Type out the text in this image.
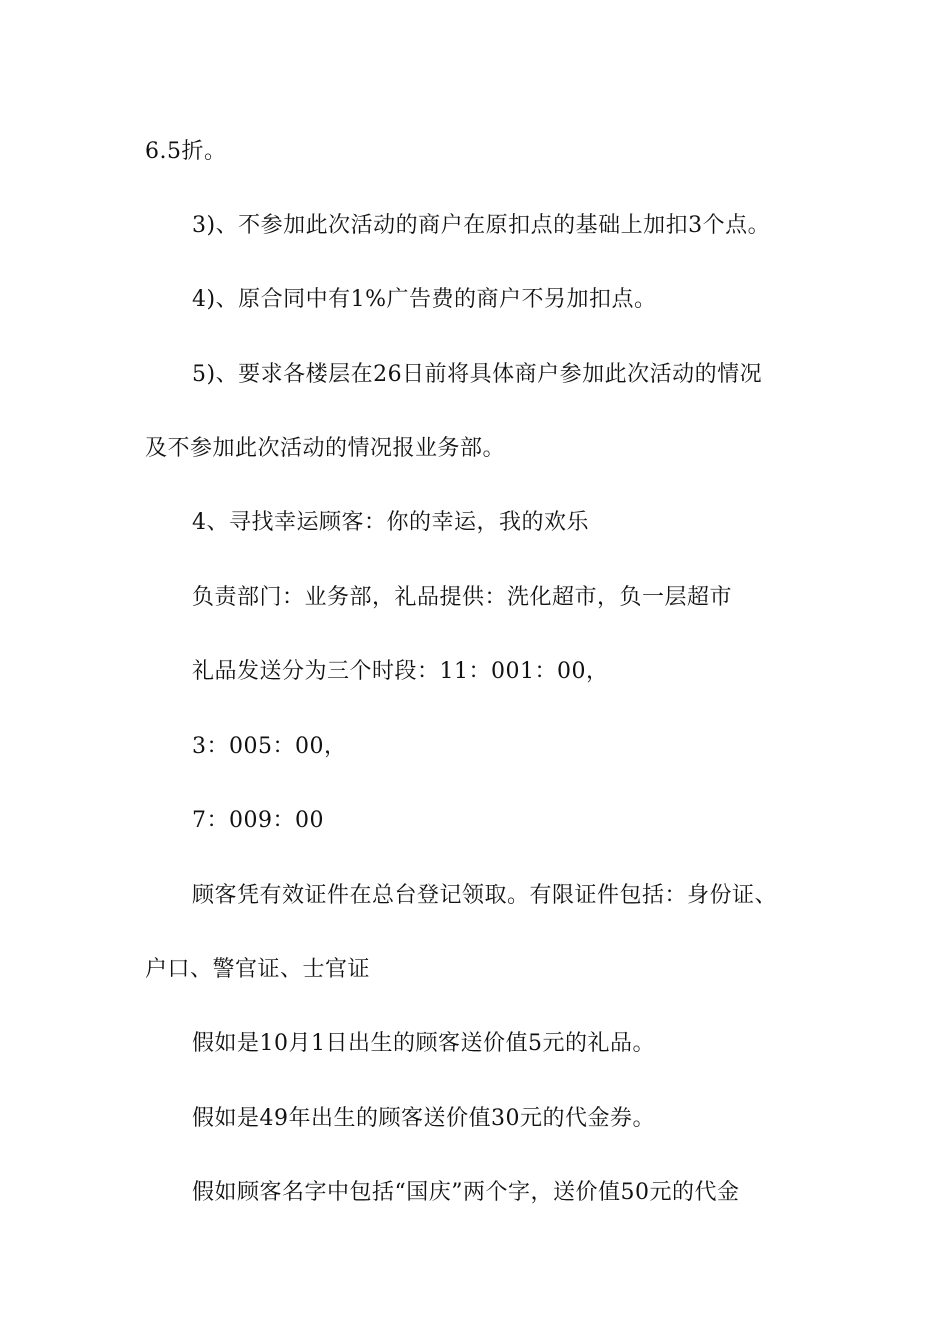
6.5折。
3)、不参加此次活动的商户在原扣点的基础上加扣3个点。
4)、原合同中有1%广告费的商户不另加扣点。
5)、要求各楼层在26日前将具体商户参加此次活动的情况
及不参加此次活动的情况报业务部。
4、寻找幸运顾客：你的幸运，我的欢乐
负责部门：业务部，礼品提供：洗化超市，负一层超市
礼品发送分为三个时段：11：001：00，
3：005：00，
7：009：00
顾客凭有效证件在总台登记领取。有限证件包括：身份证、
户口、警官证、士官证
假如是10月1日出生的顾客送价值5元的礼品。
假如是49年出生的顾客送价值30元的代金券。
假如顾客名字中包括“国庆”两个字，送价值50元的代金
